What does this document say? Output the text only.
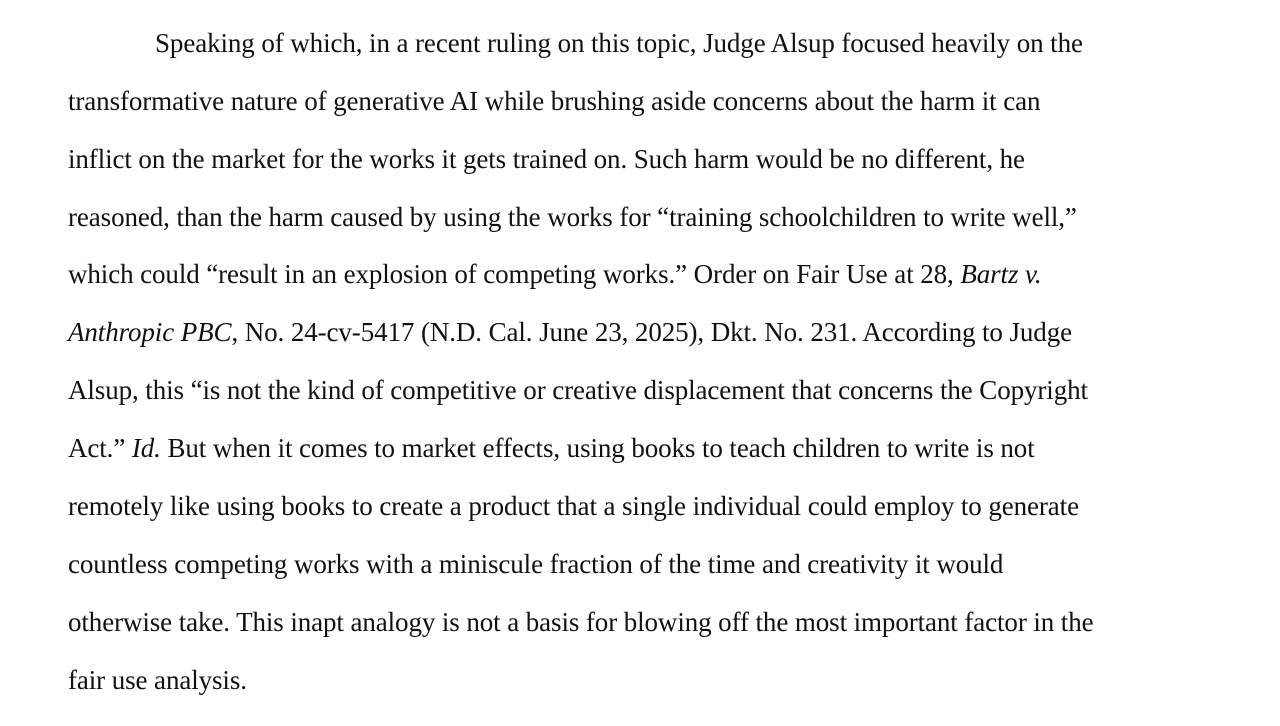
Speaking of which, in a recent ruling on this topic, Judge Alsup focused heavily on the
transformative nature of generative AI while brushing aside concerns about the harm it can
inflict on the market for the works it gets trained on. Such harm would be no different, he
reasoned, than the harm caused by using the works for “training schoolchildren to write well,”
which could “result in an explosion of competing works.” Order on Fair Use at 28, Bartz v.
Anthropic PBC, No. 24-cv-5417 (N.D. Cal. June 23, 2025), Dkt. No. 231. According to Judge
Alsup, this “is not the kind of competitive or creative displacement that concerns the Copyright
Act.” Id. But when it comes to market effects, using books to teach children to write is not
remotely like using books to create a product that a single individual could employ to generate
countless competing works with a miniscule fraction of the time and creativity it would
otherwise take. This inapt analogy is not a basis for blowing off the most important factor in the
fair use analysis.
